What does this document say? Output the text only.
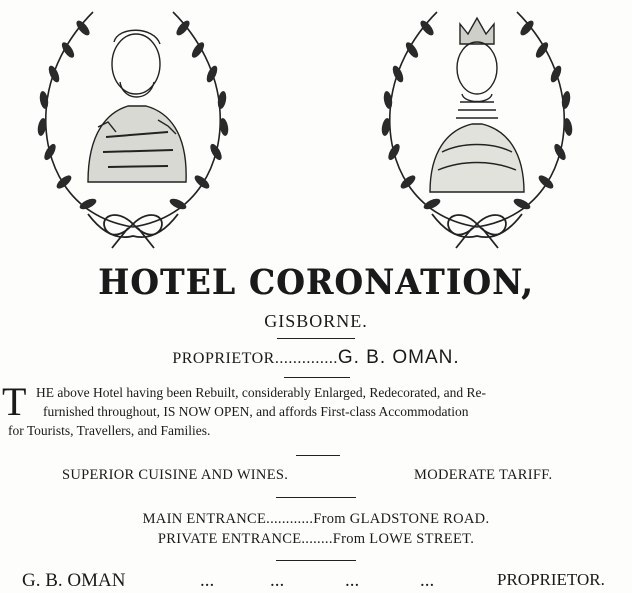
HOTEL CORONATION,
GISBORNE.
PROPRIETOR..............G. B. OMAN.
T HE above Hotel having been Rebuilt, considerably Enlarged, Redecorated, and Re-
furnished throughout, IS NOW OPEN, and affords First-class Accommodation
for Tourists, Travellers, and Families.
SUPERIOR CUISINE AND WINES.	MODERATE TARIFF.
MAIN ENTRANCE............From GLADSTONE ROAD.
PRIVATE ENTRANCE........From LOWE STREET.
G. B. OMAN	...	...	...	...	PROPRIETOR.
